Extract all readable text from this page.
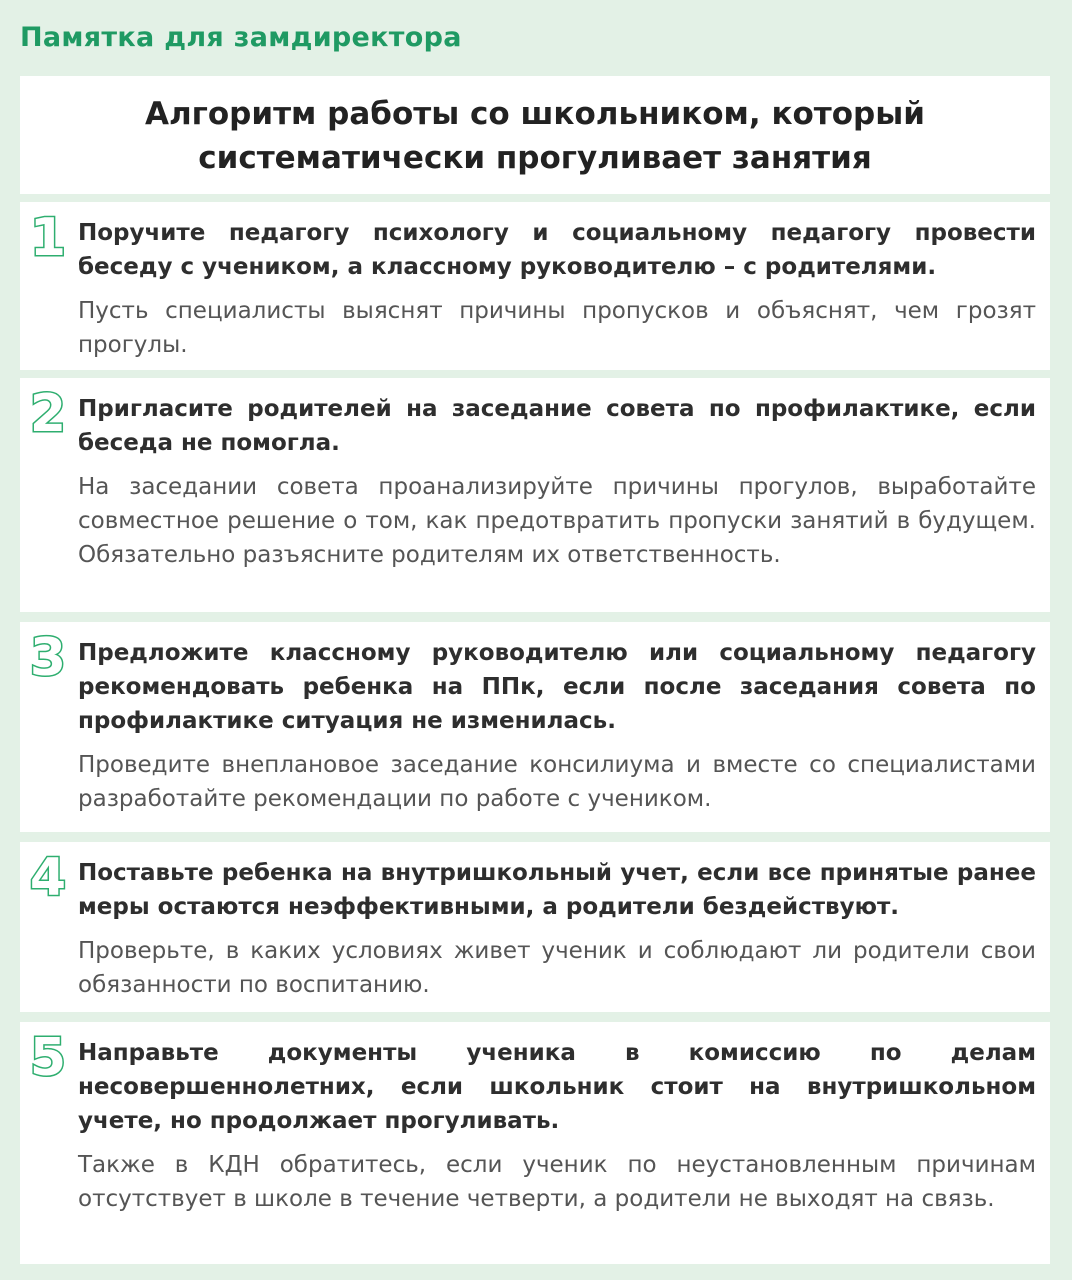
Памятка для замдиректора
Алгоритм работы со школьником, который
систематически прогуливает занятия
1 Поручите педагогу психологу и социальному педагогу провести беседу с учеником, а классному руководителю – с родителями.

Пусть специалисты выяснят причины пропусков и объяснят, чем грозят прогулы.

2 Пригласите родителей на заседание совета по профилактике, если беседа не помогла.

На заседании совета проанализируйте причины прогулов, выработайте совместное решение о том, как предотвратить пропуски занятий в будущем. Обязательно разъясните родителям их ответственность.

3 Предложите классному руководителю или социальному педагогу рекомендовать ребенка на ППк, если после заседания совета по профилактике ситуация не изменилась.

Проведите внеплановое заседание консилиума и вместе со специалистами разработайте рекомендации по работе с учеником.

4 Поставьте ребенка на внутришкольный учет, если все принятые ранее меры остаются неэффективными, а родители бездействуют.

Проверьте, в каких условиях живет ученик и соблюдают ли родители свои обязанности по воспитанию.

5 Направьте документы ученика в комиссию по делам несовершеннолетних, если школьник стоит на внутришкольном учете, но продолжает прогуливать.

Также в КДН обратитесь, если ученик по неустановленным причинам отсутствует в школе в течение четверти, а родители не выходят на связь.
